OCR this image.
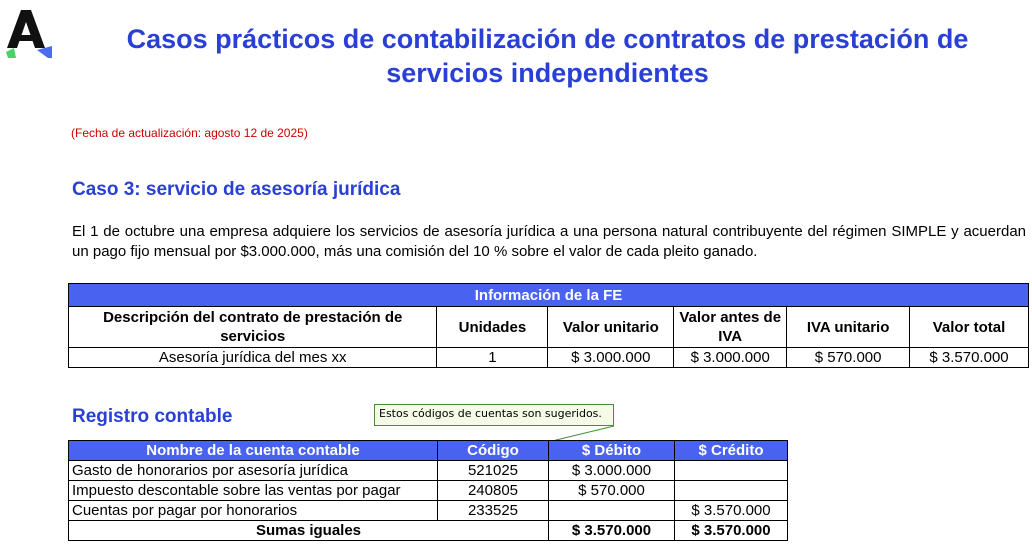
Casos prácticos de contabilización de contratos de prestación de
servicios independientes
(Fecha de actualización: agosto 12 de 2025)
Caso 3: servicio de asesoría jurídica
El 1 de octubre una empresa adquiere los servicios de asesoría jurídica a una persona natural contribuyente del régimen SIMPLE y acuerdan un pago fijo mensual por $3.000.000, más una comisión del 10 % sobre el valor de cada pleito ganado.
Información de la FE					
Descripción del contrato de prestación de servicios	Unidades	Valor unitario	Valor antes de IVA	IVA unitario	Valor total
Asesoría jurídica del mes xx	1	$ 3.000.000	$ 3.000.000	$ 570.000	$ 3.570.000
Registro contable	Estos códigos de cuentas son sugeridos.
Nombre de la cuenta contable	Código	$ Débito	$ Crédito
Gasto de honorarios por asesoría jurídica	521025	$ 3.000.000	
Impuesto descontable sobre las ventas por pagar	240805	$ 570.000	
Cuentas por pagar por honorarios	233525		$ 3.570.000
Sumas iguales		$ 3.570.000	$ 3.570.000
